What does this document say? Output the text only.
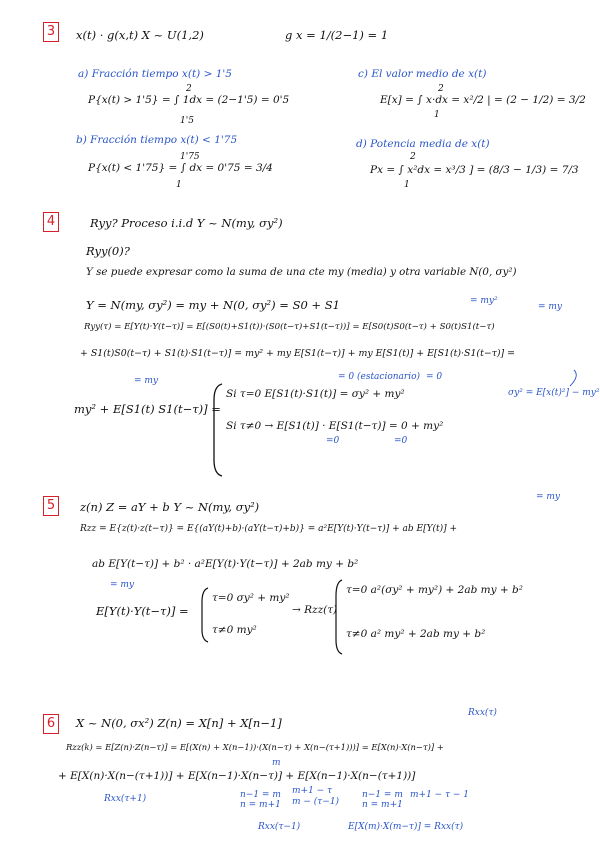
3	x(t) · g(x,t) X ~ U(1,2)	g x = 1/(2−1) = 1
a) Fracción tiempo x(t) > 1'5
P{x(t) > 1'5} = ∫ 1dx = (2−1'5) = 0'5
1'5
2
b) Fracción tiempo x(t) < 1'75
P{x(t) < 1'75} = ∫ dx = 0'75 = 3/4
1
1'75
c) El valor medio de x(t)
E[x] = ∫ x·dx = x²/2 | = (2 − 1/2) = 3/2
1
2
d) Potencia media de x(t)
Px = ∫ x²dx = x³/3 ] = (8/3 − 1/3) = 7/3
1
2
4	Ryy? Proceso i.i.d Y ~ N(my, σy²)
Ryy(0)?
Y se puede expresar como la suma de una cte my (media) y otra variable N(0, σy²)
Y = N(my, σy²) = my + N(0, σy²) = S0 + S1	= my²
= my
Ryy(τ) = E[Y(t)·Y(t−τ)] = E[(S0(t)+S1(t))·(S0(t−τ)+S1(t−τ))] = E[S0(t)S0(t−τ) + S0(t)S1(t−τ)
+ S1(t)S0(t−τ) + S1(t)·S1(t−τ)] = my² + my E[S1(t−τ)] + my E[S1(t)] + E[S1(t)·S1(t−τ)] =
= my	= 0 (estacionario) = 0
my² + E[S1(t) S1(t−τ)] =
Si τ=0 E[S1(t)·S1(t)] = σy² + my²	σy² = E[x(t)²] − my²
Si τ≠0 → E[S1(t)] · E[S1(t−τ)] = 0 + my²
=0	=0
5	z(n) Z = aY + b Y ~ N(my, σy²)
= my
Rzz = E{z(t)·z(t−τ)} = E{(aY(t)+b)·(aY(t−τ)+b)} = a²E[Y(t)·Y(t−τ)] + ab E[Y(t)] +
ab E[Y(t−τ)] + b² · a²E[Y(t)·Y(t−τ)] + 2ab my + b²
= my
E[Y(t)·Y(t−τ)] =
τ=0 σy² + my²
τ≠0 my²
→ Rzz(τ)
τ=0 a²(σy² + my²) + 2ab my + b²
τ≠0 a² my² + 2ab my + b²
6	X ~ N(0, σx²) Z(n) = X[n] + X[n−1]
Rxx(τ)
Rzz(k) = E[Z(n)·Z(n−τ)] = E[(X(n) + X(n−1))·(X(n−τ) + X(n−(τ+1)))] = E[X(n)·X(n−τ)] +
m
+ E[X(n)·X(n−(τ+1))] + E[X(n−1)·X(n−τ)] + E[X(n−1)·X(n−(τ+1))]
Rxx(τ+1)	n−1 = m
n = m+1
m+1 − τ
m − (τ−1)
n−1 = m
n = m+1
m+1 − τ − 1
Rxx(τ−1)	E[X(m)·X(m−τ)] = Rxx(τ)
